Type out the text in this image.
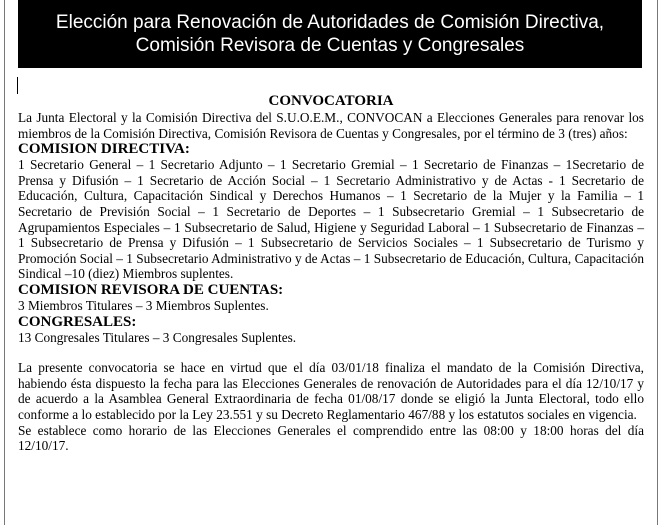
Elección para Renovación de Autoridades de Comisión Directiva,
Comisión Revisora de Cuentas y Congresales
CONVOCATORIA

La Junta Electoral y la Comisión Directiva del S.U.O.E.M., CONVOCAN a Elecciones Generales para renovar los miembros de la Comisión Directiva, Comisión Revisora de Cuentas y Congresales, por el término de 3 (tres) años:

COMISION DIRECTIVA:

1 Secretario General – 1 Secretario Adjunto – 1 Secretario Gremial – 1 Secretario de Finanzas – 1Secretario de Prensa y Difusión – 1 Secretario de Acción Social – 1 Secretario Administrativo y de Actas - 1 Secretario de Educación, Cultura, Capacitación Sindical y Derechos Humanos – 1 Secretario de la Mujer y la Familia – 1 Secretario de Previsión Social – 1 Secretario de Deportes – 1 Subsecretario Gremial – 1 Subsecretario de Agrupamientos Especiales – 1 Subsecretario de Salud, Higiene y Seguridad Laboral – 1 Subsecretario de Finanzas – 1 Subsecretario de Prensa y Difusión – 1 Subsecretario de Servicios Sociales – 1 Subsecretario de Turismo y Promoción Social – 1 Subsecretario Administrativo y de Actas – 1 Subsecretario de Educación, Cultura, Capacitación Sindical –10 (diez) Miembros suplentes.

COMISION REVISORA DE CUENTAS:

3 Miembros Titulares – 3 Miembros Suplentes.

CONGRESALES:

13 Congresales Titulares – 3 Congresales Suplentes.

La presente convocatoria se hace en virtud que el día 03/01/18 finaliza el mandato de la Comisión Directiva, habiendo ésta dispuesto la fecha para las Elecciones Generales de renovación de Autoridades para el día 12/10/17 y de acuerdo a la Asamblea General Extraordinaria de fecha 01/08/17 donde se eligió la Junta Electoral, todo ello conforme a lo establecido por la Ley 23.551 y su Decreto Reglamentario 467/88 y los estatutos sociales en vigencia.

Se establece como horario de las Elecciones Generales el comprendido entre las 08:00 y 18:00 horas del día 12/10/17.
